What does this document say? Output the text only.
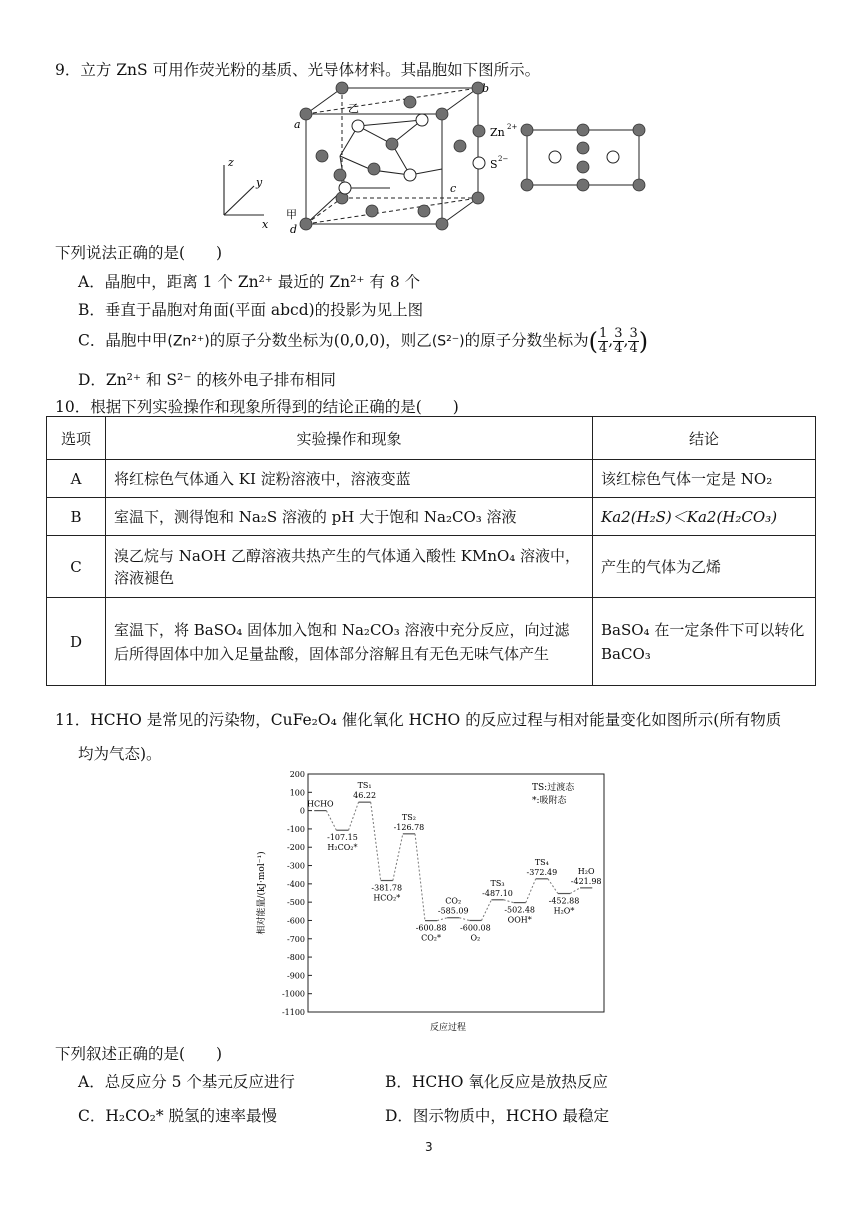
9．立方 ZnS 可用作荧光粉的基质、光导体材料。其晶胞如下图所示。
z
y
x
a
b
c
d
乙
甲
Zn 2+
S 2−
下列说法正确的是(　　)
A．晶胞中，距离 1 个 Zn²⁺ 最近的 Zn²⁺ 有 8 个
B．垂直于晶胞对角面(平面 abcd)的投影为见上图
C．晶胞中甲(Zn²⁺)的原子分数坐标为(0,0,0)，则乙(S²⁻)的原子分数坐标为( $\frac{1}{4}$ , $\frac{3}{4}$ , $\frac{3}{4}$ )
D．Zn²⁺ 和 S²⁻ 的核外电子排布相同
10．根据下列实验操作和现象所得到的结论正确的是(　　)
选项	实验操作和现象	结论
A	将红棕色气体通入 KI 淀粉溶液中，溶液变蓝	该红棕色气体一定是 NO₂
B	室温下，测得饱和 Na₂S 溶液的 pH 大于饱和 Na₂CO₃ 溶液	Ka2(H₂S)＜Ka2(H₂CO₃)
C	溴乙烷与 NaOH 乙醇溶液共热产生的气体通入酸性 KMnO₄ 溶液中，溶液褪色	产生的气体为乙烯
D	室温下，将 BaSO₄ 固体加入饱和 Na₂CO₃ 溶液中充分反应，向过滤后所得固体中加入足量盐酸，固体部分溶解且有无色无味气体产生	BaSO₄ 在一定条件下可以转化 BaCO₃
11．HCHO 是常见的污染物，CuFe₂O₄ 催化氧化 HCHO 的反应过程与相对能量变化如图所示(所有物质
均为气态)。
200
100
0
-100
-200
-300
-400
-500
-600
-700
-800
-900
-1000
-1100
HCHO
-107.15
H₂CO₂*
46.22
TS₁
-381.78
HCO₂*
-126.78
TS₂
-600.88
CO₂*
-585.09
CO₂
-600.08
O₂
-487.10
TS₃
-502.48
OOH*
-372.49
TS₄
-452.88
H₂O*
-421.98
H₂O
相对能量/(kJ·mol⁻¹)
反应过程
TS:过渡态
*:吸附态
下列叙述正确的是(　　)
A．总反应分 5 个基元反应进行	B．HCHO 氧化反应是放热反应
C．H₂CO₂* 脱氢的速率最慢	D．图示物质中，HCHO 最稳定
3
